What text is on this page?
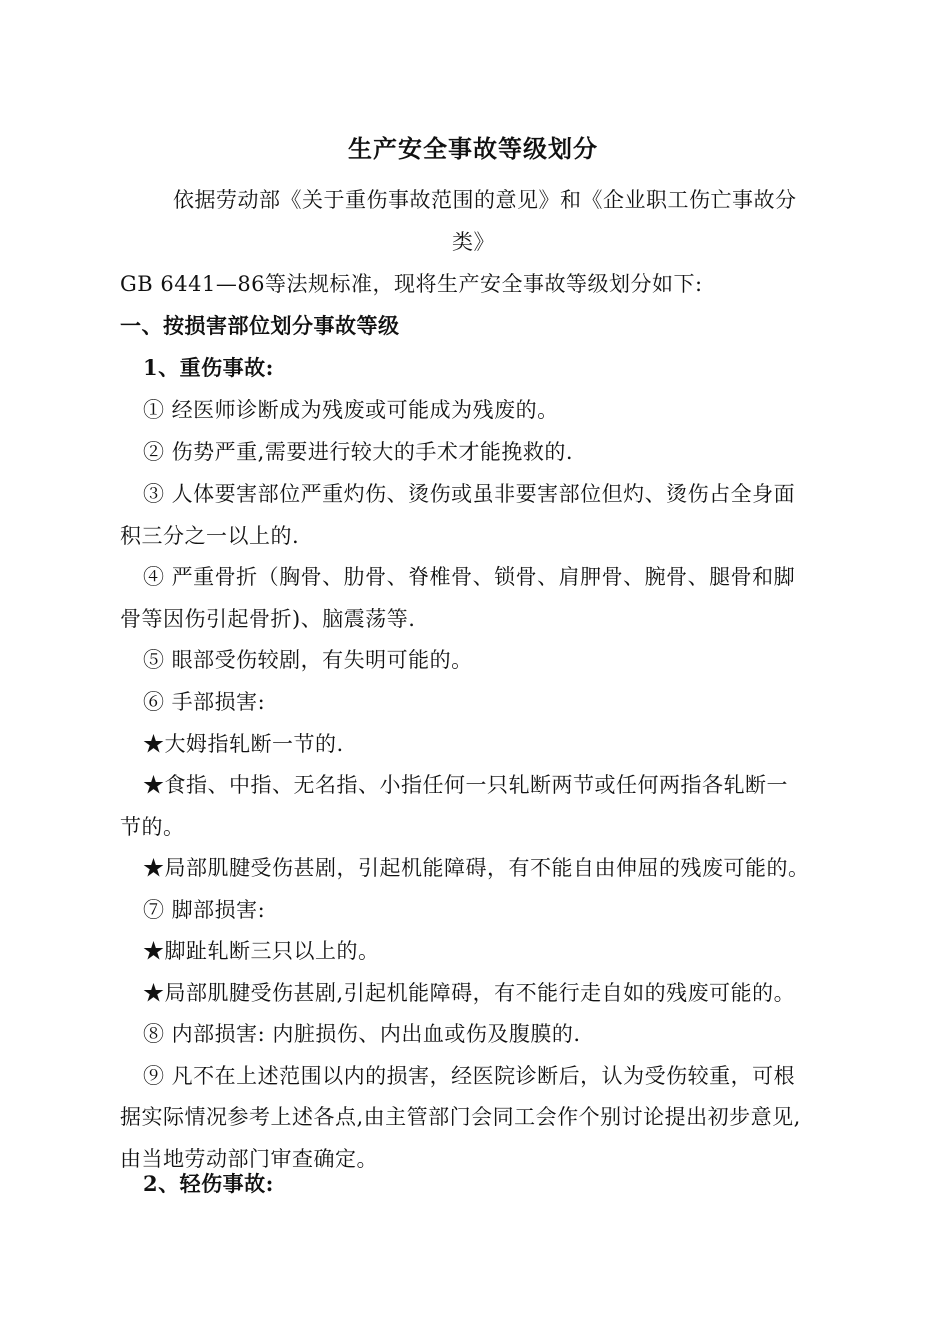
生产安全事故等级划分
依据劳动部《关于重伤事故范围的意见》和《企业职工伤亡事故分
类》
GB 6441—86等法规标准，现将生产安全事故等级划分如下:
一、按损害部位划分事故等级
1、重伤事故:
① 经医师诊断成为残废或可能成为残废的。
② 伤势严重,需要进行较大的手术才能挽救的.
③ 人体要害部位严重灼伤、烫伤或虽非要害部位但灼、烫伤占全身面
积三分之一以上的.
④ 严重骨折（胸骨、肋骨、脊椎骨、锁骨、肩胛骨、腕骨、腿骨和脚
骨等因伤引起骨折)、脑震荡等.
⑤ 眼部受伤较剧，有失明可能的。
⑥ 手部损害:
★大姆指轧断一节的.
★食指、中指、无名指、小指任何一只轧断两节或任何两指各轧断一
节的。
★局部肌腱受伤甚剧，引起机能障碍，有不能自由伸屈的残废可能的。
⑦ 脚部损害:
★脚趾轧断三只以上的。
★局部肌腱受伤甚剧,引起机能障碍，有不能行走自如的残废可能的。
⑧ 内部损害: 内脏损伤、内出血或伤及腹膜的.
⑨ 凡不在上述范围以内的损害，经医院诊断后，认为受伤较重，可根
据实际情况参考上述各点,由主管部门会同工会作个别讨论提出初步意见,
由当地劳动部门审查确定。
2、轻伤事故:
